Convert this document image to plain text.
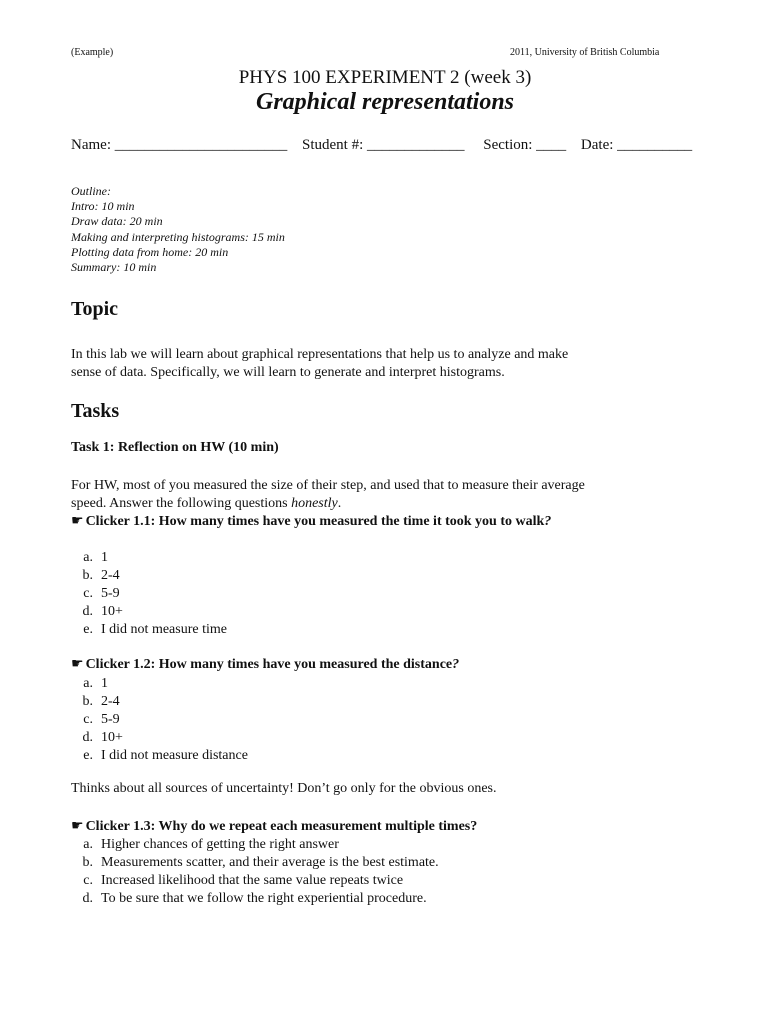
(Example)	2011, University of British Columbia
PHYS 100 EXPERIMENT 2 (week 3)
Graphical representations
Name: _______________________ Student #: _____________ Section: ____ Date: __________
Outline:
Intro: 10 min
Draw data: 20 min
Making and interpreting histograms: 15 min
Plotting data from home: 20 min
Summary: 10 min
Topic
In this lab we will learn about graphical representations that help us to analyze and make sense of data. Specifically, we will learn to generate and interpret histograms.
Tasks
Task 1: Reflection on HW (10 min)
For HW, most of you measured the size of their step, and used that to measure their average speed. Answer the following questions honestly.
☛ Clicker 1.1: How many times have you measured the time it took you to walk?
a. 1
b. 2-4
c. 5-9
d. 10+
e. I did not measure time
☛ Clicker 1.2: How many times have you measured the distance?
a. 1
b. 2-4
c. 5-9
d. 10+
e. I did not measure distance
Thinks about all sources of uncertainty! Don’t go only for the obvious ones.
☛ Clicker 1.3: Why do we repeat each measurement multiple times?
a. Higher chances of getting the right answer
b. Measurements scatter, and their average is the best estimate.
c. Increased likelihood that the same value repeats twice
d. To be sure that we follow the right experiential procedure.
